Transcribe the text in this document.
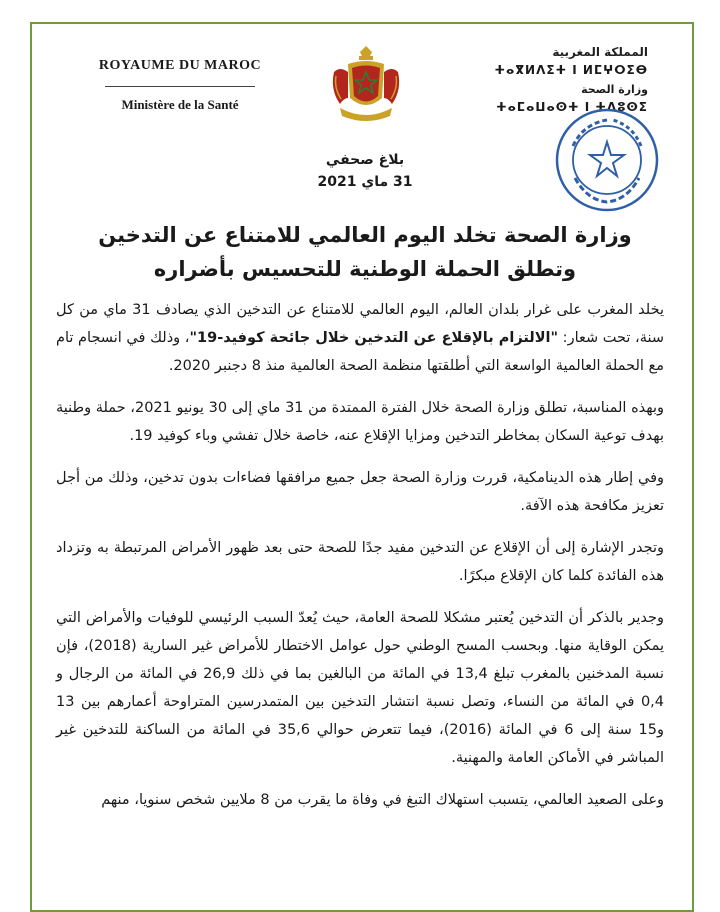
ROYAUME DU MAROC
Ministère de la Santé
المملكة المغربية
ⵜⴰⴳⵍⴷⵉⵜ ⵏ ⵍⵎⵖⵔⵉⴱ
وزارة الصحة
ⵜⴰⵎⴰⵡⴰⵙⵜ ⵏ ⵜⴷⵓⵙⵉ
بلاغ صحفي
31 ماي 2021
وزارة الصحة تخلد اليوم العالمي للامتناع عن التدخين
وتطلق الحملة الوطنية للتحسيس بأضراره

يخلد المغرب على غرار بلدان العالم، اليوم العالمي للامتناع عن التدخين الذي يصادف 31 ماي من كل سنة، تحت شعار: "الالتزام بالإقلاع عن التدخين خلال جائحة كوفيد-19"، وذلك في انسجام تام مع الحملة العالمية الواسعة التي أطلقتها منظمة الصحة العالمية منذ 8 دجنبر 2020.

وبهذه المناسبة، تطلق وزارة الصحة خلال الفترة الممتدة من 31 ماي إلى 30 يونيو 2021، حملة وطنية بهدف توعية السكان بمخاطر التدخين ومزايا الإقلاع عنه، خاصة خلال تفشي وباء كوفيد 19.

وفي إطار هذه الدينامكية، قررت وزارة الصحة جعل جميع مرافقها فضاءات بدون تدخين، وذلك من أجل تعزيز مكافحة هذه الآفة.

وتجدر الإشارة إلى أن الإقلاع عن التدخين مفيد جدًا للصحة حتى بعد ظهور الأمراض المرتبطة به وتزداد هذه الفائدة كلما كان الإقلاع مبكرًا.

وجدير بالذكر أن التدخين يُعتبر مشكلا للصحة العامة، حيث يُعدّ السبب الرئيسي للوفيات والأمراض التي يمكن الوقاية منها. وبحسب المسح الوطني حول عوامل الاختطار للأمراض غير السارية (2018)، فإن نسبة المدخنين بالمغرب تبلغ 13,4 في المائة من البالغين بما في ذلك 26,9 في المائة من الرجال و 0,4 في المائة من النساء، وتصل نسبة انتشار التدخين بين المتمدرسين المتراوحة أعمارهم بين 13 و15 سنة إلى 6 في المائة (2016)، فيما تتعرض حوالي 35,6 في المائة من الساكنة للتدخين غير المباشر في الأماكن العامة والمهنية.

وعلى الصعيد العالمي، يتسبب استهلاك التبغ في وفاة ما يقرب من 8 ملايين شخص سنويا، منهم
